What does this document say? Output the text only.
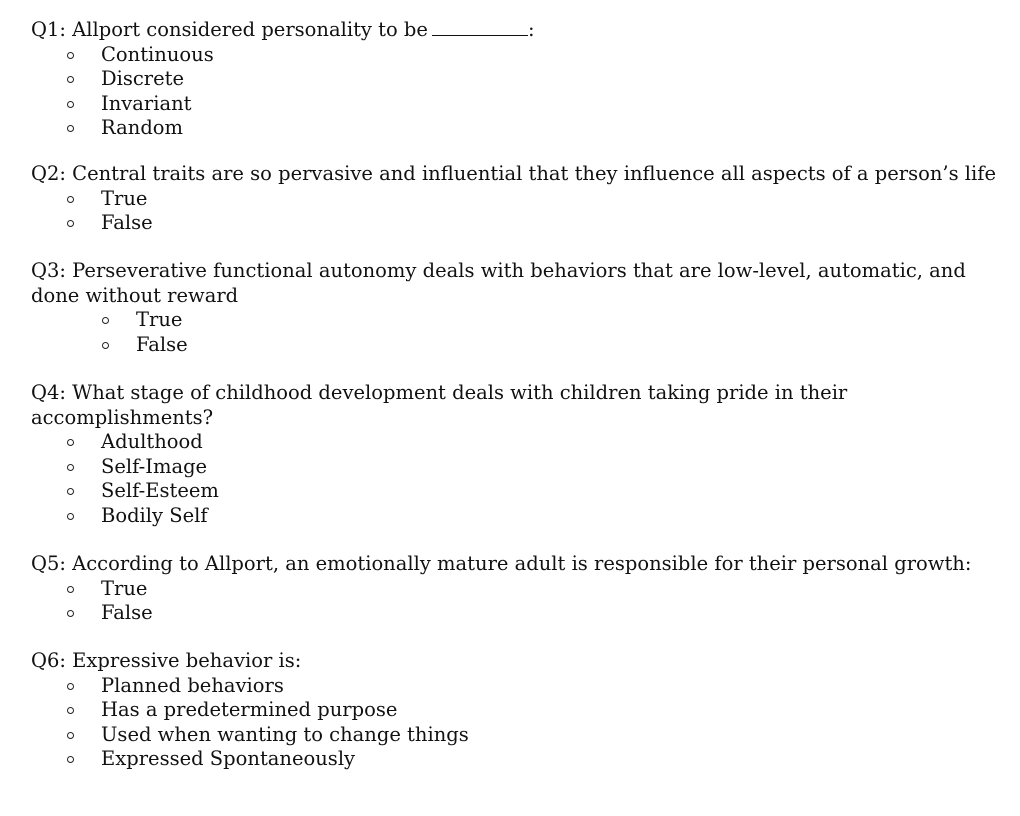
Q1: Allport considered personality to be	:

Continuous
Discrete
Invariant
Random

Q2: Central traits are so pervasive and influential that they influence all aspects of a person’s life

True
False

Q3: Perseverative functional autonomy deals with behaviors that are low-level, automatic, and

done without reward

True
False

Q4: What stage of childhood development deals with children taking pride in their

accomplishments?

Adulthood
Self-Image
Self-Esteem
Bodily Self

Q5: According to Allport, an emotionally mature adult is responsible for their personal growth:

True
False

Q6: Expressive behavior is:

Planned behaviors
Has a predetermined purpose
Used when wanting to change things
Expressed Spontaneously
